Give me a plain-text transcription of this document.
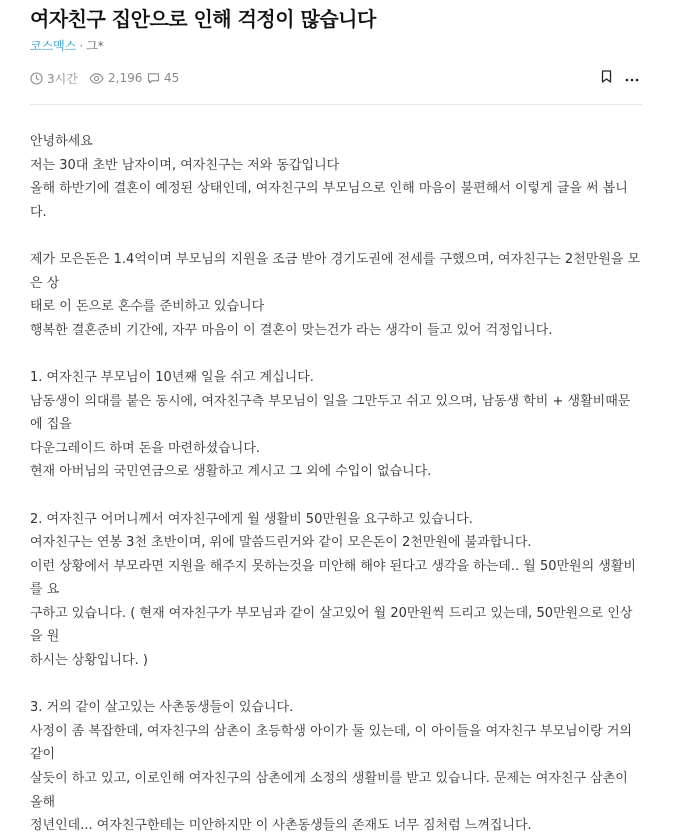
여자친구 집안으로 인해 걱정이 많습니다
코스맥스 · 그*
3시간	2,196 45

안녕하세요
저는 30대 초반 남자이며, 여자친구는 저와 동갑입니다
올해 하반기에 결혼이 예정된 상태인데, 여자친구의 부모님으로 인해 마음이 불편해서 이렇게 글을 써 봅니다.

제가 모은돈은 1.4억이며 부모님의 지원을 조금 받아 경기도권에 전세를 구했으며, 여자친구는 2천만원을 모은 상
태로 이 돈으로 혼수를 준비하고 있습니다
행복한 결혼준비 기간에, 자꾸 마음이 이 결혼이 맞는건가 라는 생각이 들고 있어 걱정입니다.

1. 여자친구 부모님이 10년째 일을 쉬고 계십니다.
남동생이 의대를 붙은 동시에, 여자친구측 부모님이 일을 그만두고 쉬고 있으며, 남동생 학비 + 생활비때문에 집을
다운그레이드 하며 돈을 마련하셨습니다.
현재 아버님의 국민연금으로 생활하고 계시고 그 외에 수입이 없습니다.

2. 여자친구 어머니께서 여자친구에게 월 생활비 50만원을 요구하고 있습니다.
여자친구는 연봉 3천 초반이며, 위에 말씀드린거와 같이 모은돈이 2천만원에 불과합니다.
이런 상황에서 부모라면 지원을 해주지 못하는것을 미안해 해야 된다고 생각을 하는데.. 월 50만원의 생활비를 요
구하고 있습니다. ( 현재 여자친구가 부모님과 같이 살고있어 월 20만원씩 드리고 있는데, 50만원으로 인상을 원
하시는 상황입니다. )

3. 거의 같이 살고있는 사촌동생들이 있습니다.
사정이 좀 복잡한데, 여자친구의 삼촌이 초등학생 아이가 둘 있는데, 이 아이들을 여자친구 부모님이랑 거의 같이
살듯이 하고 있고, 이로인해 여자친구의 삼촌에게 소정의 생활비를 받고 있습니다. 문제는 여자친구 삼촌이 올해
정년인데... 여자친구한테는 미안하지만 이 사촌동생들의 존재도 너무 짐처럼 느껴집니다.
